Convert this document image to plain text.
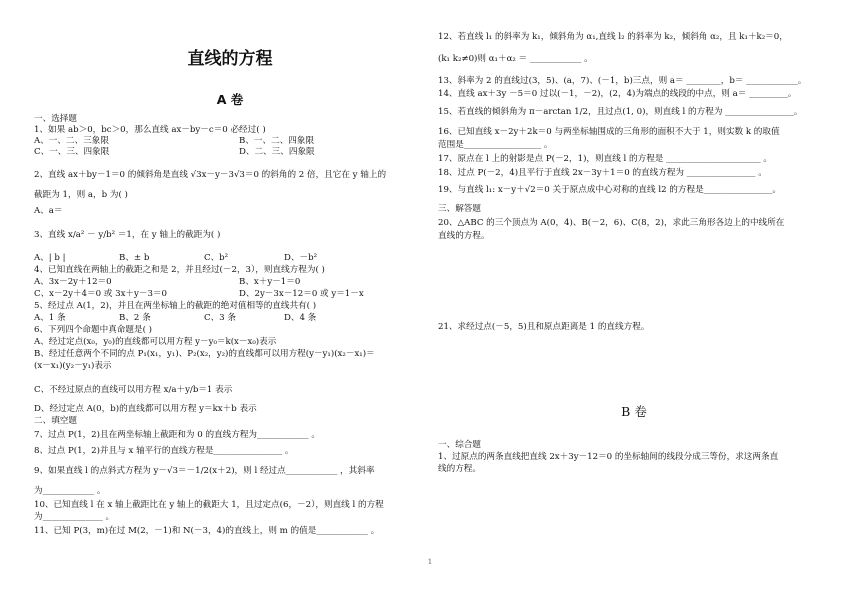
直线的方程
A 卷
一、选择题
1、如果 ab＞0，bc＞0，那么直线 ax－by－c＝0 必经过( )
A、一、二、三象限	B、一、二、四象限
C、一、三、四象限	D、二、三、四象限
2、直线 ax＋by－1＝0 的倾斜角是直线 √3x－y－3√3＝0 的斜角的 2 倍，且它在 y 轴上的
截距为 1，则 a，b 为( )
A、a＝
3、直线 x/a² － y/b² ＝1，在 y 轴上的截距为( )
A、| b |	B、± b	C、b²	D、－b²
4、已知直线在两轴上的截距之和是 2，并且经过(－2，3），则直线方程为( )
A、3x－2y＋12＝0	B、x＋y－1＝0
C、x－2y＋4＝0 或 3x＋y－3＝0	D、2y－3x－12＝0 或 y＝1－x
5、经过点 A(1，2)，并且在两坐标轴上的截距的绝对值相等的直线共有( )
A、1 条	B、2 条	C、3 条	D、4 条
6、下列四个命题中真命题是( )
A、经过定点(x₀，y₀)的直线都可以用方程 y－y₀＝k(x－x₀)表示
B、经过任意两个不同的点 P₁(x₁，y₁)、P₂(x₂，y₂)的直线都可以用方程(y－y₁)(x₂－x₁)＝
(x－x₁)(y₂－y₁)表示
C、不经过原点的直线可以用方程 x/a＋y/b＝1 表示
D、经过定点 A(0，b)的直线都可以用方程 y＝kx＋b 表示
二、填空题
7、过点 P(1，2)且在两坐标轴上截距和为 0 的直线方程为____________ 。
8、过点 P(1，2)并且与 x 轴平行的直线方程是________________ 。
9、如果直线 l 的点斜式方程为 y－√3＝－1/2(x＋2)，则 l 经过点____________ ，其斜率
为____________ 。
10、已知直线 l 在 x 轴上截距比在 y 轴上的截距大 1，且过定点(6，－2），则直线 l 的方程
为______________ 。
11、已知 P(3，m)在过 M(2，－1)和 N(－3，4)的直线上，则 m 的值是____________ 。
12、若直线 l₁ 的斜率为 k₁，倾斜角为 α₁,直线 l₂ 的斜率为 k₂，倾斜角 α₂，且 k₁＋k₂＝0，
(k₁ k₂≠0)则 α₁＋α₂ ＝ ____________ 。
13、斜率为 2 的直线过(3，5)、(a，7)、(－1，b)三点，则 a＝ ________，b＝ ____________。
14、直线 ax＋3y －5＝0 过以(－1，－2)，(2，4)为端点的线段的中点，则 a＝ _________。
15、若直线的倾斜角为 π－arctan 1/2，且过点(1, 0)，则直线 l 的方程为 ________________。
16、已知直线 x－2y＋2k＝0 与两坐标轴围成的三角形的面积不大于 1，则实数 k 的取值
范围是__________________ 。
17、原点在 l 上的射影是点 P(－2，1)，则直线 l 的方程是 ______________________ 。
18、过点 P(－2，4)且平行于直线 2x－3y＋1＝0 的直线方程为 ________________ 。
19、与直线 l₁: x－y＋√2＝0 关于原点成中心对称的直线 l2 的方程是________________。
三、解答题
20、△ABC 的三个顶点为 A(0，4)、B(－2，6)、C(8，2)，求此三角形各边上的中线所在
直线的方程。
21、求经过点(－5，5)且和原点距离是 1 的直线方程。
B 卷
一、综合题
1、过原点的两条直线把直线 2x＋3y－12＝0 的坐标轴间的线段分成三等份，求这两条直
线的方程。
1
